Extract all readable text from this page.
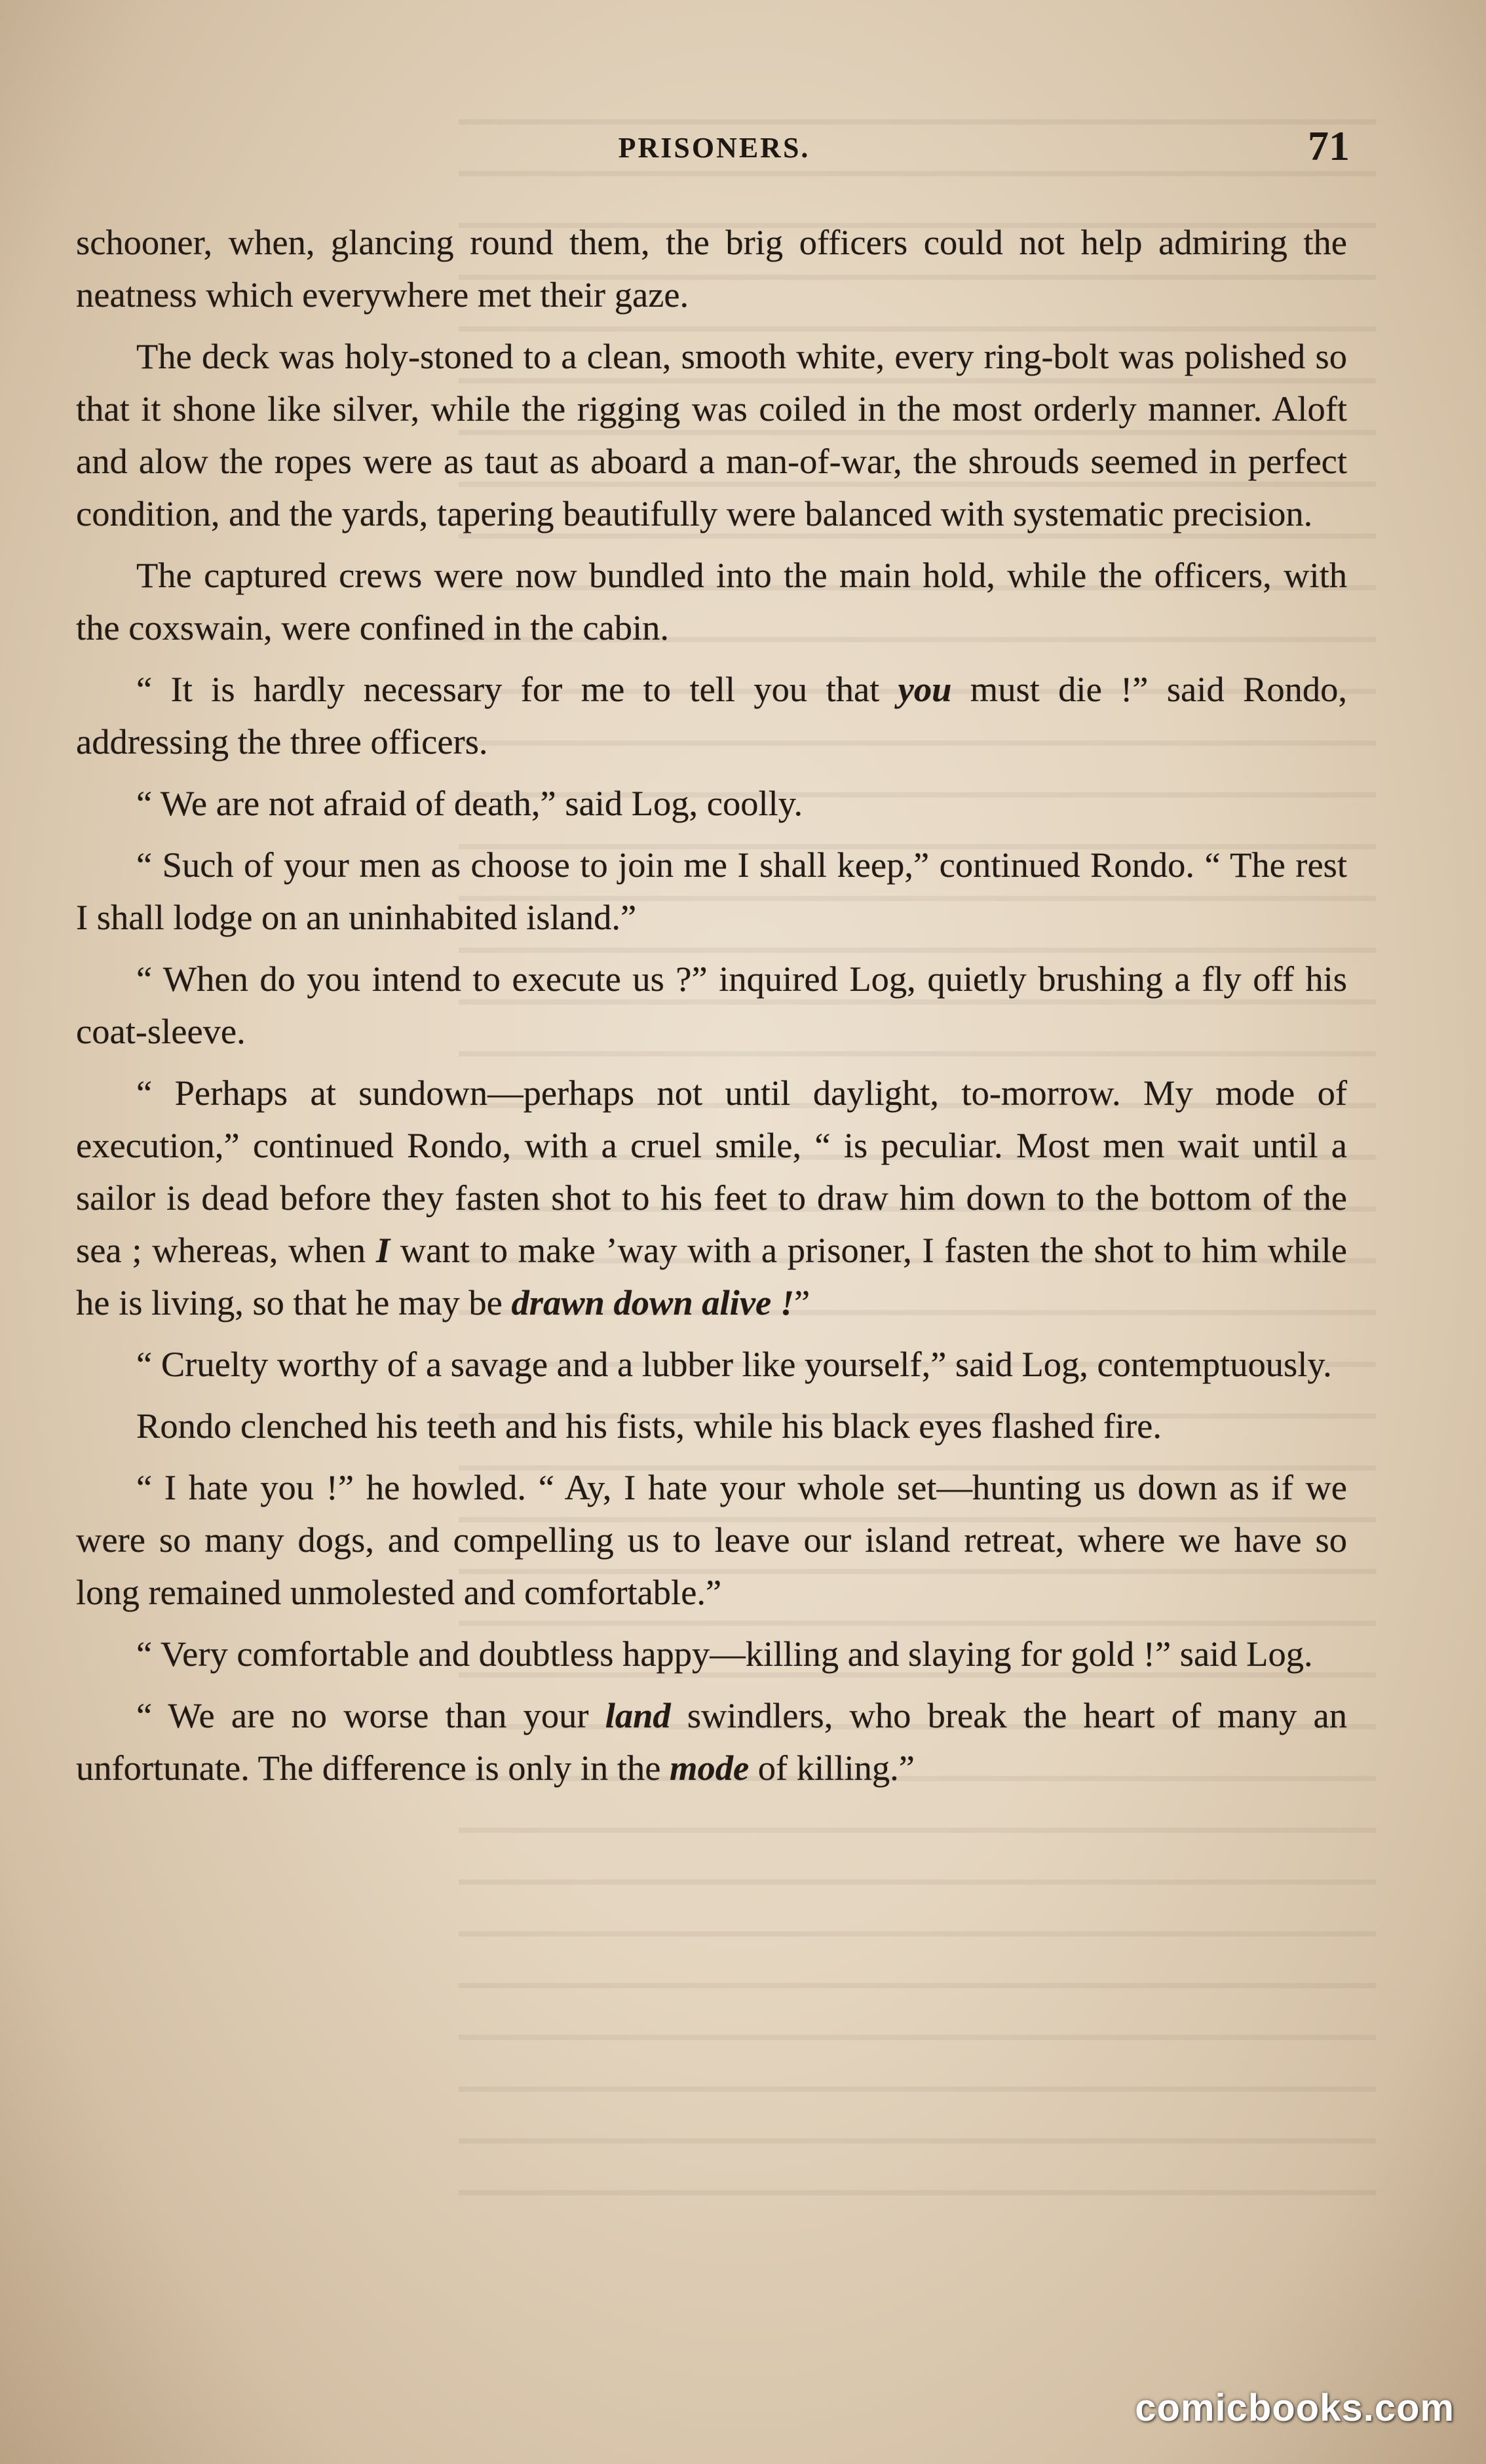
PRISONERS.	71

schooner, when, glancing round them, the brig officers could not help admiring the neatness which everywhere met their gaze.

The deck was holy-stoned to a clean, smooth white, every ring-bolt was polished so that it shone like silver, while the rigging was coiled in the most orderly manner. Aloft and alow the ropes were as taut as aboard a man-of-war, the shrouds seemed in perfect condition, and the yards, tapering beautifully were balanced with systematic precision.

The captured crews were now bundled into the main hold, while the officers, with the coxswain, were confined in the cabin.

“ It is hardly necessary for me to tell you that you must die !” said Rondo, addressing the three officers.

“ We are not afraid of death,” said Log, coolly.

“ Such of your men as choose to join me I shall keep,” continued Rondo. “ The rest I shall lodge on an uninhabited island.”

“ When do you intend to execute us ?” inquired Log, quietly brushing a fly off his coat-sleeve.

“ Perhaps at sundown—perhaps not until daylight, to-morrow. My mode of execution,” continued Rondo, with a cruel smile, “ is peculiar. Most men wait until a sailor is dead before they fasten shot to his feet to draw him down to the bottom of the sea ; whereas, when I want to make ’way with a prisoner, I fasten the shot to him while he is living, so that he may be drawn down alive !”

“ Cruelty worthy of a savage and a lubber like yourself,” said Log, contemptuously.

Rondo clenched his teeth and his fists, while his black eyes flashed fire.

“ I hate you !” he howled. “ Ay, I hate your whole set—hunting us down as if we were so many dogs, and compelling us to leave our island retreat, where we have so long remained unmolested and comfortable.”

“ Very comfortable and doubtless happy—killing and slaying for gold !” said Log.

“ We are no worse than your land swindlers, who break the heart of many an unfortunate. The difference is only in the mode of killing.”

comicbooks.com
